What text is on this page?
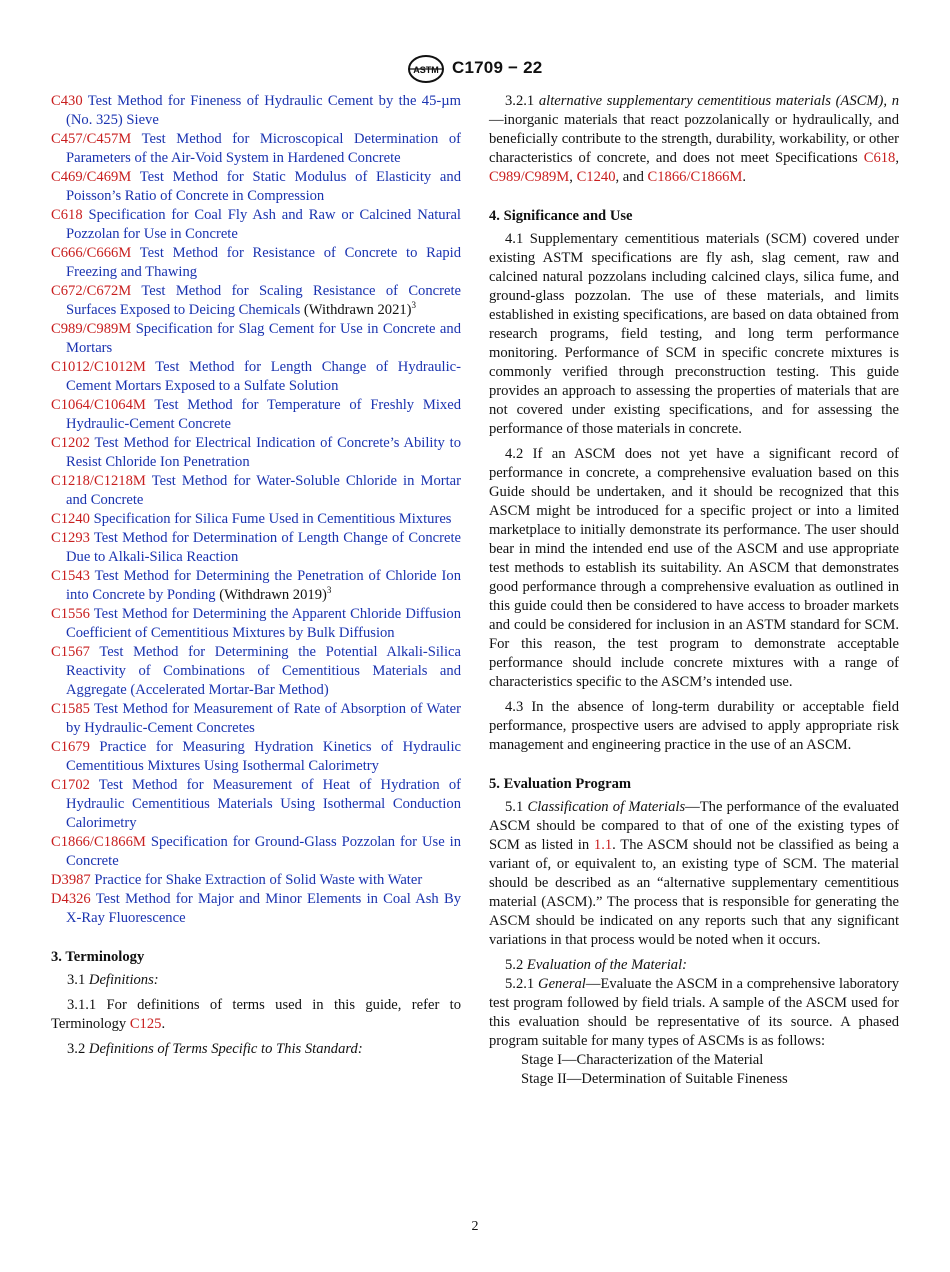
ASTM C1709 − 22

C430 Test Method for Fineness of Hydraulic Cement by the 45-µm (No. 325) Sieve

C457/C457M Test Method for Microscopical Determination of Parameters of the Air-Void System in Hardened Concrete

C469/C469M Test Method for Static Modulus of Elasticity and Poisson’s Ratio of Concrete in Compression

C618 Specification for Coal Fly Ash and Raw or Calcined Natural Pozzolan for Use in Concrete

C666/C666M Test Method for Resistance of Concrete to Rapid Freezing and Thawing

C672/C672M Test Method for Scaling Resistance of Concrete Surfaces Exposed to Deicing Chemicals (Withdrawn 2021)$^3$

C989/C989M Specification for Slag Cement for Use in Concrete and Mortars

C1012/C1012M Test Method for Length Change of Hydraulic-Cement Mortars Exposed to a Sulfate Solution

C1064/C1064M Test Method for Temperature of Freshly Mixed Hydraulic-Cement Concrete

C1202 Test Method for Electrical Indication of Concrete’s Ability to Resist Chloride Ion Penetration

C1218/C1218M Test Method for Water-Soluble Chloride in Mortar and Concrete

C1240 Specification for Silica Fume Used in Cementitious Mixtures

C1293 Test Method for Determination of Length Change of Concrete Due to Alkali-Silica Reaction

C1543 Test Method for Determining the Penetration of Chloride Ion into Concrete by Ponding (Withdrawn 2019)$^3$

C1556 Test Method for Determining the Apparent Chloride Diffusion Coefficient of Cementitious Mixtures by Bulk Diffusion

C1567 Test Method for Determining the Potential Alkali-Silica Reactivity of Combinations of Cementitious Materials and Aggregate (Accelerated Mortar-Bar Method)

C1585 Test Method for Measurement of Rate of Absorption of Water by Hydraulic-Cement Concretes

C1679 Practice for Measuring Hydration Kinetics of Hydraulic Cementitious Mixtures Using Isothermal Calorimetry

C1702 Test Method for Measurement of Heat of Hydration of Hydraulic Cementitious Materials Using Isothermal Conduction Calorimetry

C1866/C1866M Specification for Ground-Glass Pozzolan for Use in Concrete

D3987 Practice for Shake Extraction of Solid Waste with Water

D4326 Test Method for Major and Minor Elements in Coal Ash By X-Ray Fluorescence

3. Terminology

3.1 Definitions:

3.1.1 For definitions of terms used in this guide, refer to Terminology C125.

3.2 Definitions of Terms Specific to This Standard:

3.2.1 alternative supplementary cementitious materials (ASCM), n—inorganic materials that react pozzolanically or hydraulically, and beneficially contribute to the strength, durability, workability, or other characteristics of concrete, and does not meet Specifications C618, C989/C989M, C1240, and C1866/C1866M.

4. Significance and Use

4.1 Supplementary cementitious materials (SCM) covered under existing ASTM specifications are fly ash, slag cement, raw and calcined natural pozzolans including calcined clays, silica fume, and ground-glass pozzolan. The use of these materials, and limits established in existing specifications, are based on data obtained from research programs, field testing, and long term performance monitoring. Performance of SCM in specific concrete mixtures is commonly verified through preconstruction testing. This guide provides an approach to assessing the properties of materials that are not covered under existing specifications, and for assessing the performance of those materials in concrete.

4.2 If an ASCM does not yet have a significant record of performance in concrete, a comprehensive evaluation based on this Guide should be undertaken, and it should be recognized that this ASCM might be introduced for a specific project or into a limited marketplace to initially demonstrate its performance. The user should bear in mind the intended end use of the ASCM and use appropriate test methods to establish its suitability. An ASCM that demonstrates good performance through a comprehensive evaluation as outlined in this guide could then be considered to have access to broader markets and could be considered for inclusion in an ASTM standard for SCM. For this reason, the test program to demonstrate acceptable performance should include concrete mixtures with a range of characteristics specific to the ASCM’s intended use.

4.3 In the absence of long-term durability or acceptable field performance, prospective users are advised to apply appropriate risk management and engineering practice in the use of an ASCM.

5. Evaluation Program

5.1 Classification of Materials—The performance of the evaluated ASCM should be compared to that of one of the existing types of SCM as listed in 1.1. The ASCM should not be classified as being a variant of, or equivalent to, an existing type of SCM. The material should be described as an “alternative supplementary cementitious material (ASCM).” The process that is responsible for generating the ASCM should be indicated on any reports such that any significant variations in that process would be noted when it occurs.

5.2 Evaluation of the Material:

5.2.1 General—Evaluate the ASCM in a comprehensive laboratory test program followed by field trials. A sample of the ASCM used for this evaluation should be representative of its source. A phased program suitable for many types of ASCMs is as follows:

Stage I—Characterization of the Material

Stage II—Determination of Suitable Fineness

2
